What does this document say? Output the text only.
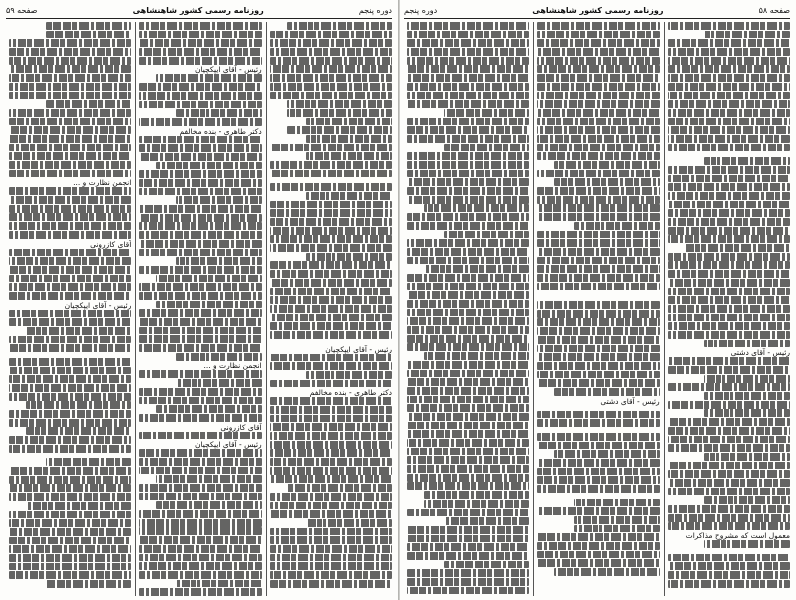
صفحه ۵۸
روزنامه رسمی کشور شاهنشاهی
دوره پنجم
رئیس - آقای دشتی
معمول است که مشروح مذاکرات
رئیس - آقای دشتی
دوره پنجم
روزنامه رسمی کشور شاهنشاهی
صفحه ۵۹
رئیس - آقای ایپکچیان
دکتر طاهری - بنده مخالفم
رئیس - آقای ایپکچیان
دکتر طاهری - بنده مخالفم
انجمن نظارت و ...
آقای کازرونی
رئیس - آقای ایپکچیان
انجمن نظارت و ...
آقای کازرونی
رئیس - آقای ایپکچیان
